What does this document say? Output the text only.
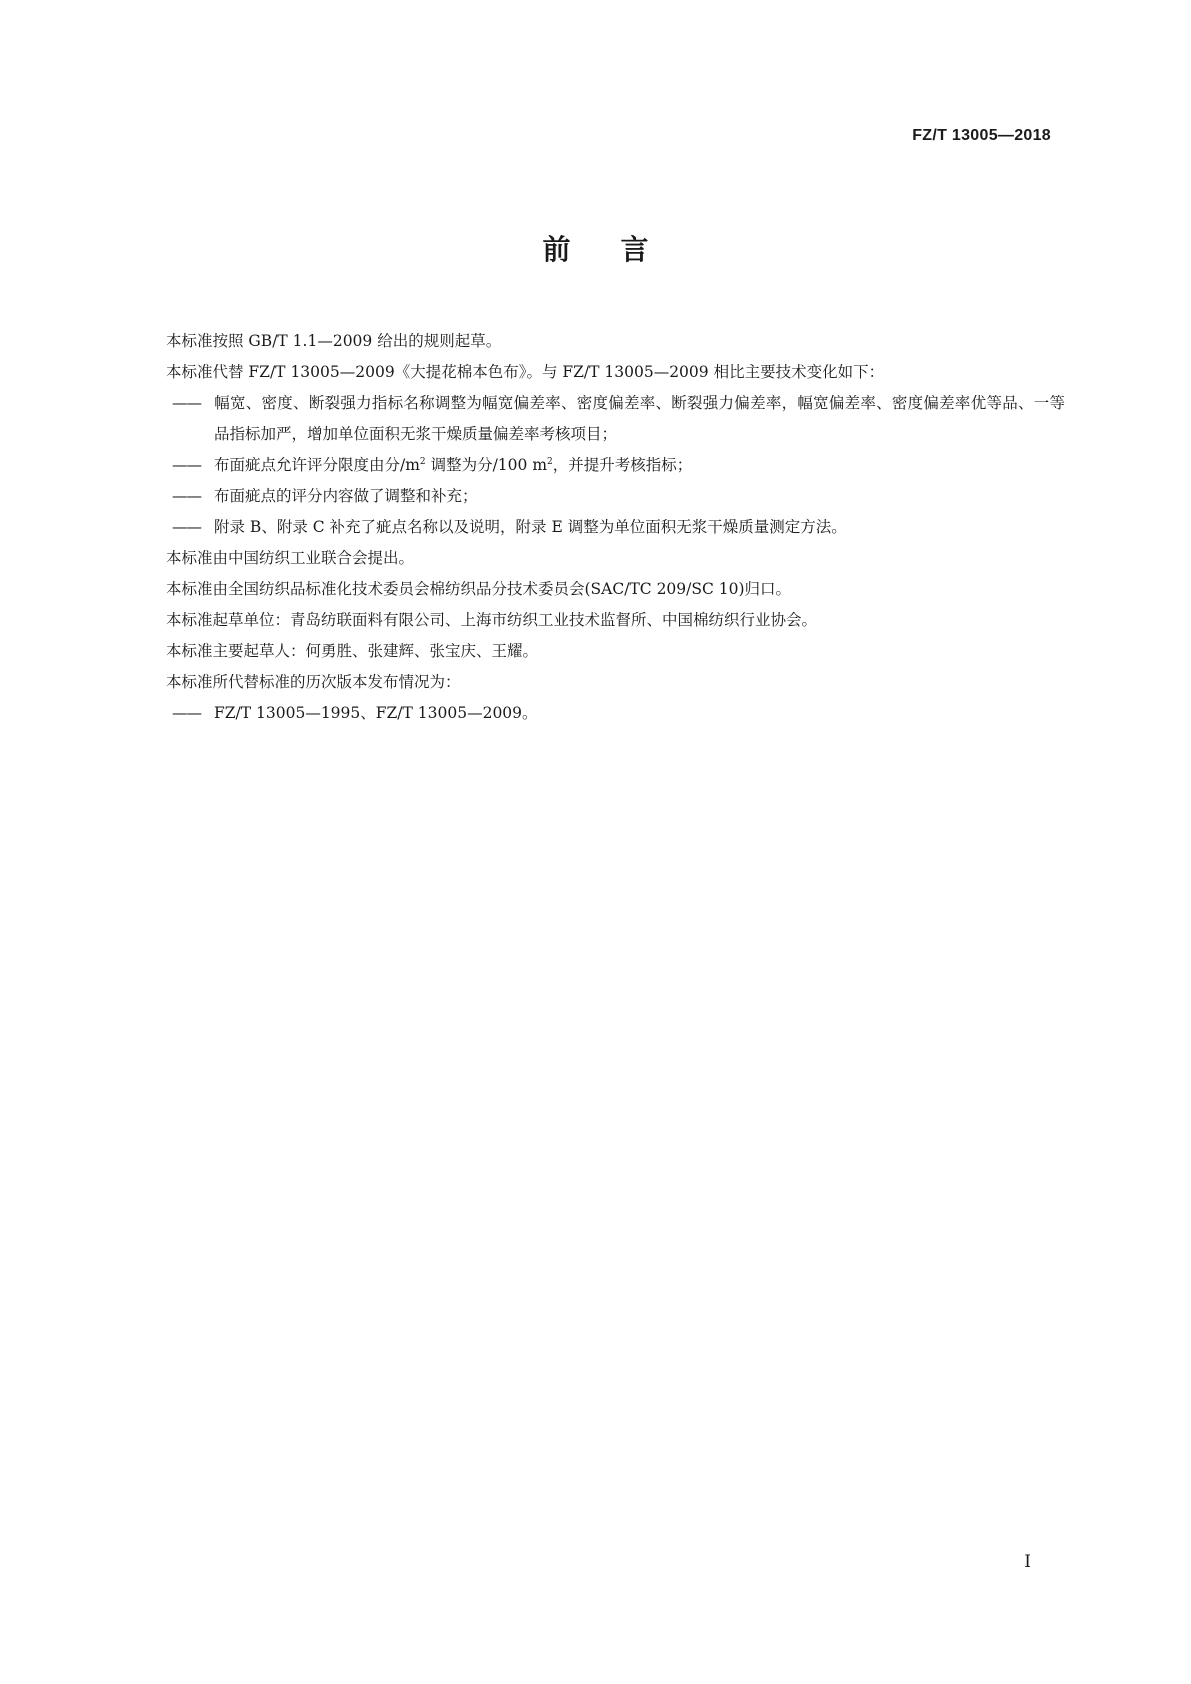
FZ/T 13005—2018
前言

本标准按照 GB/T 1.1—2009 给出的规则起草。

本标准代替 FZ/T 13005—2009《大提花棉本色布》。与 FZ/T 13005—2009 相比主要技术变化如下：

—— 幅宽、密度、断裂强力指标名称调整为幅宽偏差率、密度偏差率、断裂强力偏差率，幅宽偏差率、密度偏差率优等品、一等品指标加严，增加单位面积无浆干燥质量偏差率考核项目；

—— 布面疵点允许评分限度由分$/m^2$ 调整为分/100 $m^2$，并提升考核指标；

—— 布面疵点的评分内容做了调整和补充；

—— 附录 B、附录 C 补充了疵点名称以及说明，附录 E 调整为单位面积无浆干燥质量测定方法。

本标准由中国纺织工业联合会提出。

本标准由全国纺织品标准化技术委员会棉纺织品分技术委员会(SAC/TC 209/SC 10)归口。

本标准起草单位：青岛纺联面料有限公司、上海市纺织工业技术监督所、中国棉纺织行业协会。

本标准主要起草人：何勇胜、张建辉、张宝庆、王耀。

本标准所代替标准的历次版本发布情况为：

—— FZ/T 13005—1995、FZ/T 13005—2009。

I
